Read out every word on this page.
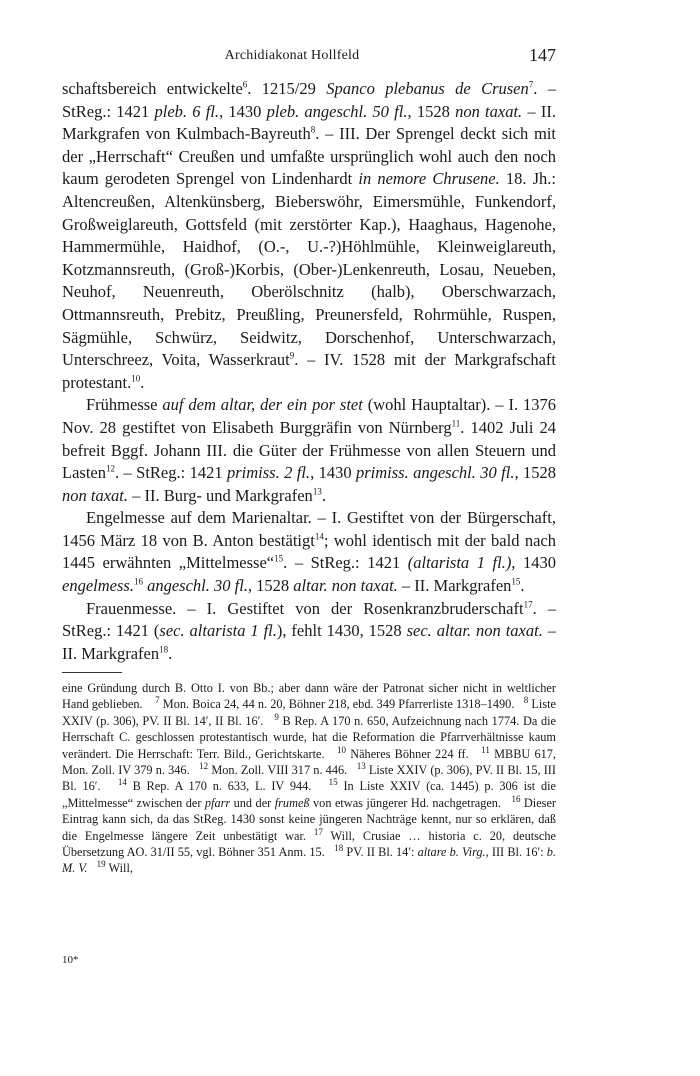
Archidiakonat Hollfeld	147

schaftsbereich entwickelte$^6$. 1215/29 Spanco plebanus de Crusen$^7$. – StReg.: 1421 pleb. 6 fl., 1430 pleb. angeschl. 50 fl., 1528 non taxat. – II. Markgrafen von Kulmbach-Bayreuth$^8$. – III. Der Sprengel deckt sich mit der „Herrschaft“ Creußen und umfaßte ursprünglich wohl auch den noch kaum gerodeten Sprengel von Lindenhardt in nemore Chrusene. 18. Jh.: Altencreußen, Altenkünsberg, Bieberswöhr, Eimersmühle, Funkendorf, Großweiglareuth, Gottsfeld (mit zerstörter Kap.), Haaghaus, Hagenohe, Hammermühle, Haidhof, (O.-, U.-?)Höhlmühle, Kleinweiglareuth, Kotzmannsreuth, (Groß-)Korbis, (Ober-)Lenkenreuth, Losau, Neueben, Neuhof, Neuenreuth, Oberölschnitz (halb), Oberschwarzach, Ottmannsreuth, Prebitz, Preußling, Preunersfeld, Rohrmühle, Ruspen, Sägmühle, Schwürz, Seidwitz, Dorschenhof, Unterschwarzach, Unterschreez, Voita, Wasserkraut$^9$. – IV. 1528 mit der Markgrafschaft protestant.$^{10}$.

Frühmesse auf dem altar, der ein por stet (wohl Hauptaltar). – I. 1376 Nov. 28 gestiftet von Elisabeth Burggräfin von Nürnberg$^{11}$. 1402 Juli 24 befreit Bggf. Johann III. die Güter der Frühmesse von allen Steuern und Lasten$^{12}$. – StReg.: 1421 primiss. 2 fl., 1430 primiss. angeschl. 30 fl., 1528 non taxat. – II. Burg- und Markgrafen$^{13}$.

Engelmesse auf dem Marienaltar. – I. Gestiftet von der Bürgerschaft, 1456 März 18 von B. Anton bestätigt$^{14}$; wohl identisch mit der bald nach 1445 erwähnten „Mittelmesse“$^{15}$. – StReg.: 1421 (altarista 1 fl.), 1430 engelmess.$^{16}$ angeschl. 30 fl., 1528 altar. non taxat. – II. Markgrafen$^{15}$.

Frauenmesse. – I. Gestiftet von der Rosenkranzbruderschaft$^{17}$. – StReg.: 1421 (sec. altarista 1 fl.), fehlt 1430, 1528 sec. altar. non taxat. – II. Markgrafen$^{18}$.

eine Gründung durch B. Otto I. von Bb.; aber dann wäre der Patronat sicher nicht in weltlicher Hand geblieben. $^7$ Mon. Boica 24, 44 n. 20, Böhner 218, ebd. 349 Pfarrerliste 1318–1490. $^8$ Liste XXIV (p. 306), PV. II Bl. 14′, II Bl. 16′. $^9$ B Rep. A 170 n. 650, Aufzeichnung nach 1774. Da die Herrschaft C. geschlossen protestantisch wurde, hat die Reformation die Pfarrverhältnisse kaum verändert. Die Herrschaft: Terr. Bild., Gerichtskarte. $^{10}$ Näheres Böhner 224 ff. $^{11}$ MBBU 617, Mon. Zoll. IV 379 n. 346. $^{12}$ Mon. Zoll. VIII 317 n. 446. $^{13}$ Liste XXIV (p. 306), PV. II Bl. 15, III Bl. 16′. $^{14}$ B Rep. A 170 n. 633, L. IV 944. $^{15}$ In Liste XXIV (ca. 1445) p. 306 ist die „Mittelmesse“ zwischen der pfarr und der frumeß von etwas jüngerer Hd. nachgetragen. $^{16}$ Dieser Eintrag kann sich, da das StReg. 1430 sonst keine jüngeren Nachträge kennt, nur so erklären, daß die Engelmesse längere Zeit unbestätigt war. $^{17}$ Will, Crusiae … historia c. 20, deutsche Übersetzung AO. 31/II 55, vgl. Böhner 351 Anm. 15. $^{18}$ PV. II Bl. 14′: altare b. Virg., III Bl. 16′: b. M. V. $^{19}$ Will,

10*
